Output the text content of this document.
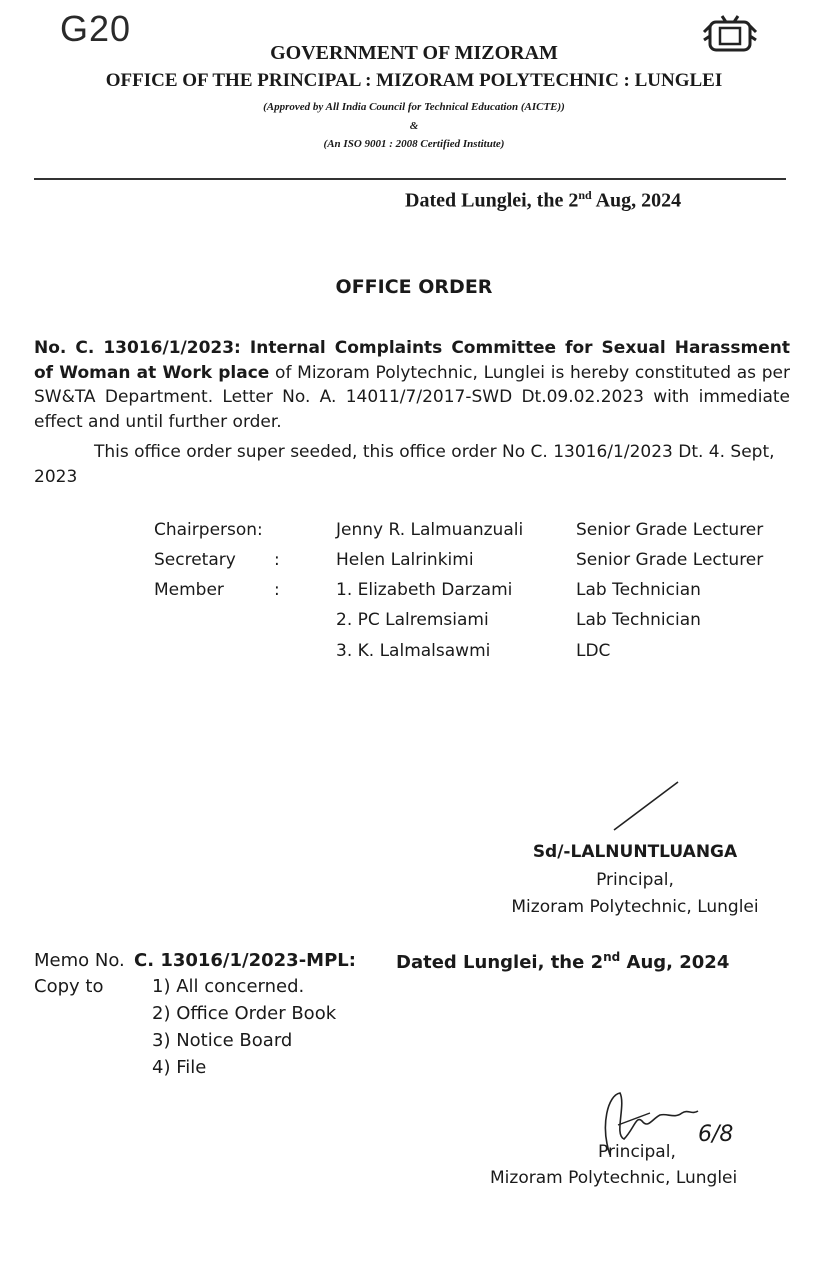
G20
GOVERNMENT OF MIZORAM
OFFICE OF THE PRINCIPAL : MIZORAM POLYTECHNIC : LUNGLEI
(Approved by All India Council for Technical Education (AICTE))
&
(An ISO 9001 : 2008 Certified Institute)
Dated Lunglei, the 2nd Aug, 2024
OFFICE ORDER
No. C. 13016/1/2023: Internal Complaints Committee for Sexual Harassment of Woman at Work place of Mizoram Polytechnic, Lunglei is hereby constituted as per SW&TA Department. Letter No. A. 14011/7/2017-SWD Dt.09.02.2023 with immediate effect and until further order.
This office order super seeded, this office order No C. 13016/1/2023 Dt. 4. Sept, 2023
Chairperson:	Jenny R. Lalmuanzuali	Senior Grade Lecturer
Secretary :	Helen Lalrinkimi	Senior Grade Lecturer
Member	:	1. Elizabeth Darzami	Lab Technician
2. PC Lalremsiami	Lab Technician
3. K. Lalmalsawmi	LDC
Sd/-LALNUNTLUANGA
Principal,
Mizoram Polytechnic, Lunglei
Memo No. C. 13016/1/2023-MPL: Dated Lunglei, the 2nd Aug, 2024
Copy to	1) All concerned.
2) Office Order Book
3) Notice Board
4) File
Principal,
6/8
Mizoram Polytechnic, Lunglei
